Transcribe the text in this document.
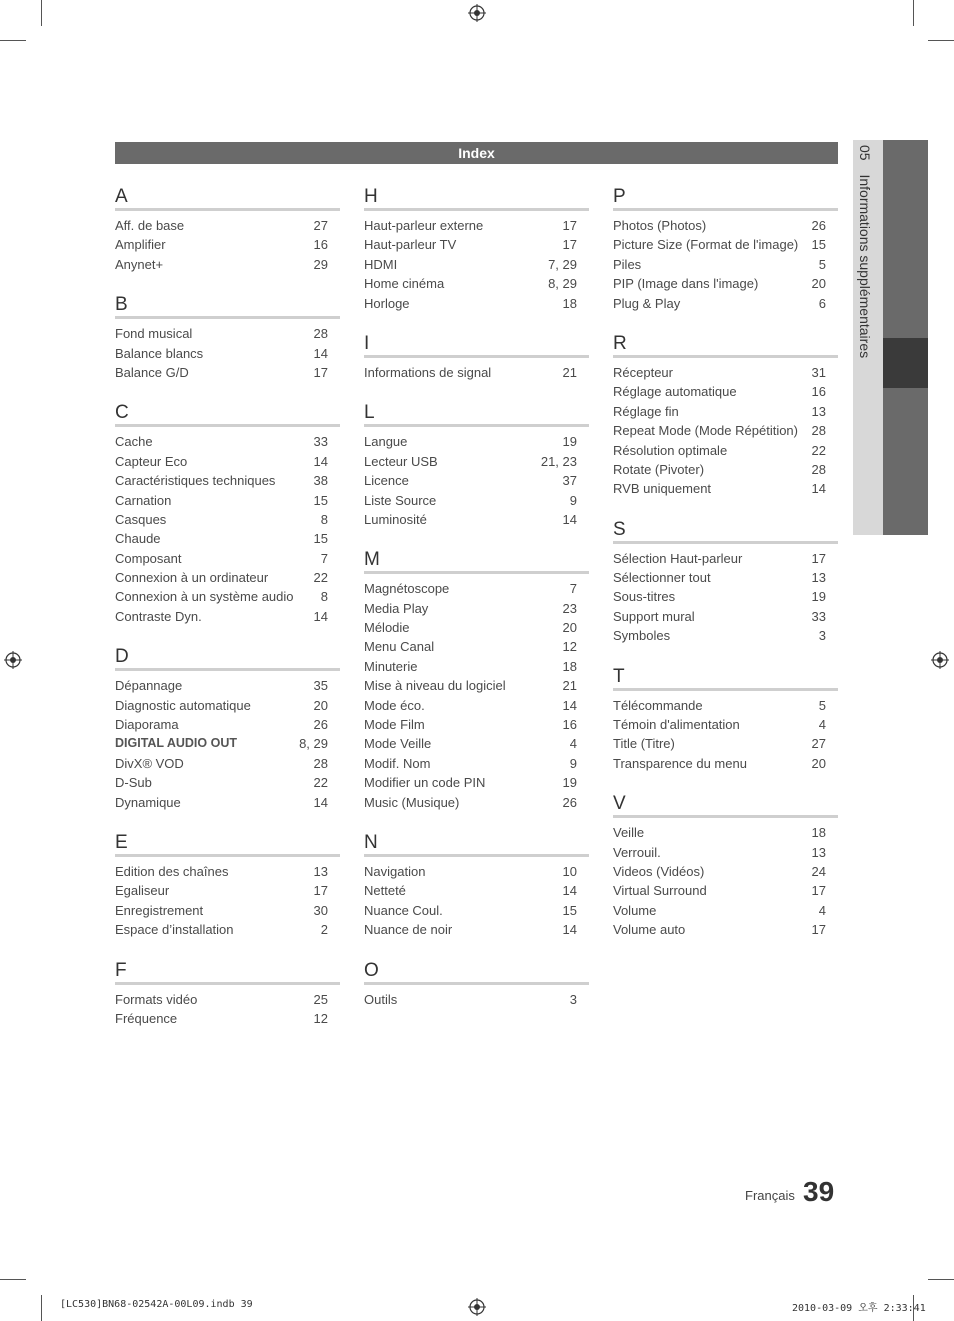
Index	05 Informations supplémentaires
A
Aff. de base	27
Amplifier	16
Anynet+	29
B
Fond musical	28
Balance blancs	14
Balance G/D	17
C
Cache	33
Capteur Eco	14
Caractéristiques techniques	38
Carnation	15
Casques	8
Chaude	15
Composant	7
Connexion à un ordinateur	22
Connexion à un système audio 8
Contraste Dyn.	14
D
Dépannage	35
Diagnostic automatique	20
Diaporama	26
DIGITAL AUDIO OUT	8, 29
DivX® VOD	28
D-Sub	22
Dynamique	14
E
Edition des chaînes	13
Egaliseur	17
Enregistrement	30
Espace d’installation	2
F
Formats vidéo	25
Fréquence	12
H
Haut-parleur externe	17
Haut-parleur TV	17
HDMI	7, 29
Home cinéma	8, 29
Horloge	18
I
Informations de signal	21
L
Langue	19
Lecteur USB	21, 23
Licence	37
Liste Source	9
Luminosité	14
M
Magnétoscope	7
Media Play	23
Mélodie	20
Menu Canal	12
Minuterie	18
Mise à niveau du logiciel	21
Mode éco.	14
Mode Film	16
Mode Veille	4
Modif. Nom	9
Modifier un code PIN	19
Music (Musique)	26
N
Navigation	10
Netteté	14
Nuance Coul.	15
Nuance de noir	14
O
Outils	3
P
Photos (Photos)	26
Picture Size (Format de l'image) 15
Piles	5
PIP (Image dans l'image)	20
Plug & Play	6
R
Récepteur	31
Réglage automatique	16
Réglage fin	13
Repeat Mode (Mode Répétition) 28
Résolution optimale	22
Rotate (Pivoter)	28
RVB uniquement	14
S
Sélection Haut-parleur	17
Sélectionner tout	13
Sous-titres	19
Support mural	33
Symboles	3
T
Télécommande	5
Témoin d'alimentation	4
Title (Titre)	27
Transparence du menu	20
V
Veille	18
Verrouil.	13
Videos (Vidéos)	24
Virtual Surround	17
Volume	4
Volume auto	17
Français 39
[LC530]BN68-02542A-00L09.indb 39	2010-03-09 오후 2:33:41
